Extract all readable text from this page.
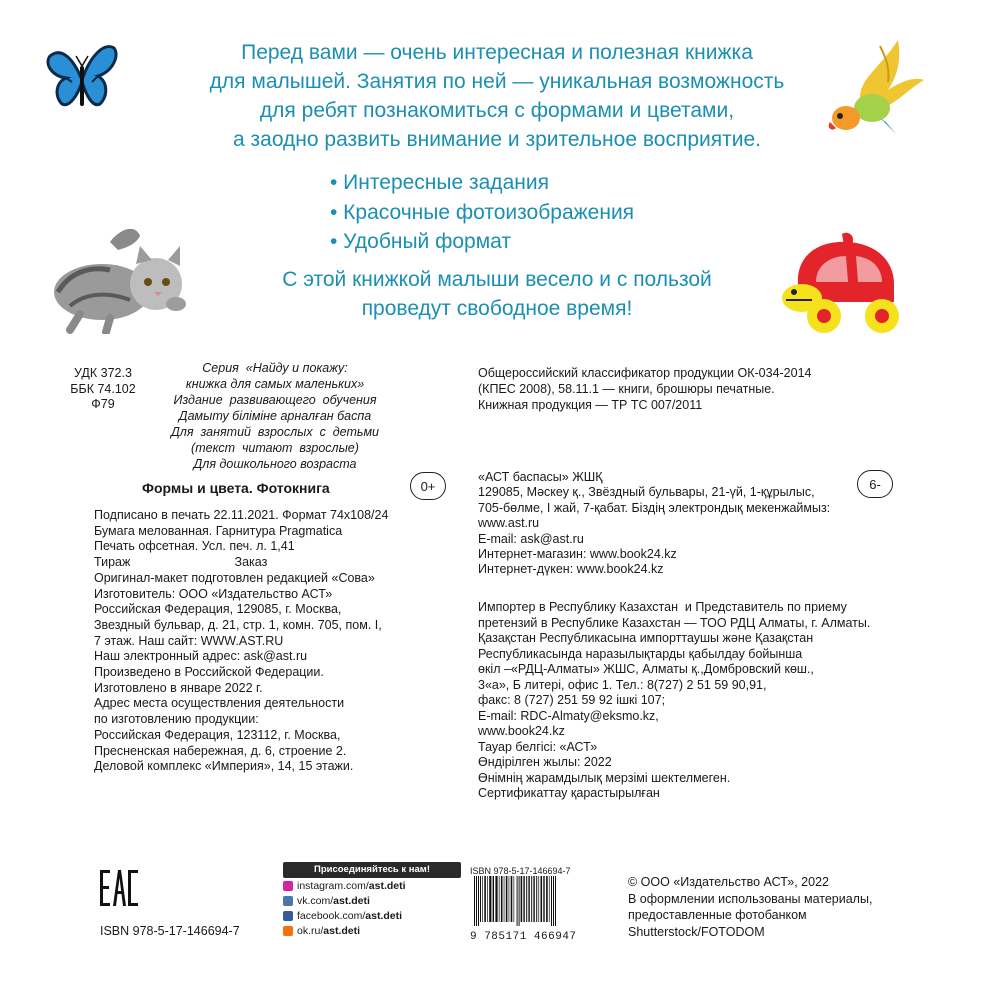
Перед вами — очень интересная и полезная книжка
для малышей. Занятия по ней — уникальная возможность
для ребят познакомиться с формами и цветами,
а заодно развить внимание и зрительное восприятие.
• Интересные задания
• Красочные фотоизображения
• Удобный формат
С этой книжкой малыши весело и с пользой
проведут свободное время!
УДК 372.3
ББК 74.102
Ф79
Серия  «Найду и покажу:
книжка для самых маленьких»
Издание  развивающего  обучения
Дамыту біліміне арналған баспа
Для  занятий  взрослых  с  детьми
(текст  читают  взрослые)
Для дошкольного возраста
Общероссийский классификатор продукции ОК-034-2014
(КПЕС 2008), 58.11.1 — книги, брошюры печатные.
Книжная продукция — ТР ТС 007/2011
Формы и цвета. Фотокнига	0+	6-
Подписано в печать 22.11.2021. Формат 74х108/24
Бумага мелованная. Гарнитура Pragmatica
Печать офсетная. Усл. печ. л. 1,41
Тираж                              Заказ
Оригинал-макет подготовлен редакцией «Сова»
Изготовитель: ООО «Издательство АСТ»
Российская Федерация, 129085, г. Москва,
Звездный бульвар, д. 21, стр. 1, комн. 705, пом. I,
7 этаж. Наш сайт: WWW.AST.RU
Наш электронный адрес: ask@ast.ru
Произведено в Российской Федерации.
Изготовлено в январе 2022 г.
Адрес места осуществления деятельности
по изготовлению продукции:
Российская Федерация, 123112, г. Москва,
Пресненская набережная, д. 6, строение 2.
Деловой комплекс «Империя», 14, 15 этажи.
«АСТ баспасы» ЖШҚ
129085, Мәскеу қ., Звёздный бульвары, 21-үй, 1-құрылыс,
705-бөлме, I жай, 7-қабат. Біздің электрондық мекенжаймыз:
www.ast.ru
E-mail: ask@ast.ru
Интернет-магазин: www.book24.kz
Интернет-дүкен: www.book24.kz
Импортер в Республику Казахстан  и Представитель по приему
претензий в Республике Казахстан — ТОО РДЦ Алматы, г. Алматы.
Қазақстан Республикасына импорттаушы және Қазақстан
Республикасында наразылықтарды қабылдау бойынша
өкіл –«РДЦ-Алматы» ЖШС, Алматы қ.,Домбровский көш.,
3«а», Б литері, офис 1. Тел.: 8(727) 2 51 59 90,91,
факс: 8 (727) 251 59 92 ішкі 107;
E-mail: RDC-Almaty@eksmo.kz,
www.book24.kz
Тауар белгісі: «АСТ»
Өндірілген жылы: 2022
Өнімнің жарамдылық мерзімі шектелмеген.
Сертификаттау қарастырылған
ISBN 978-5-17-146694-7
Присоединяйтесь к нам!
instagram.com/ ast.deti
vk.com/ ast.deti
facebook.com/ ast.deti
ok.ru/ ast.deti
ISBN 978-5-17-146694-7
9 785171 466947
© ООО «Издательство АСТ», 2022
В оформлении использованы материалы,
предоставленные фотобанком
Shutterstock/FOTODOM
